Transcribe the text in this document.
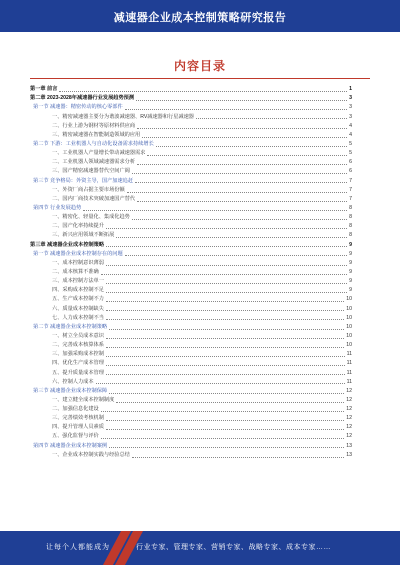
减速器企业成本控制策略研究报告
内容目录
第一章 前言	1
第二章 2023-2028年减速器行业发展趋势预测	3
第一节 减速器：精密传动的核心零部件	3
一、精密减速器主要分为谐波减速器、RV减速器和行星减速器	3
二、行业上游为钢材等原材料供应商	4
三、精密减速器在智能制造领域的应用	4
第二节 下游：工业机器人与自动化设备需求持续增长	5
一、工业机器人产量增长带动减速器需求	5
二、工业机器人领域减速器需求分析	6
三、国产精密减速器替代空间广阔	6
第三节 竞争格局：外资主导，国产加速追赶	7
一、外资厂商占据主要市场份额	7
二、国内厂商技术突破加速国产替代	7
第四节 行业发展趋势	8
一、精密化、轻量化、集成化趋势	8
二、国产化率持续提升	8
三、新兴应用领域不断拓展	8
第三章 减速器企业成本控制策略	9
第一节 减速器企业成本控制存在的问题	9
一、成本控制意识薄弱	9
二、成本核算不准确	9
三、成本控制方法单一	9
四、采购成本控制不足	9
五、生产成本控制不力	10
六、质量成本控制缺失	10
七、人力成本控制不当	10
第二节 减速器企业成本控制策略	10
一、树立全员成本意识	10
二、完善成本核算体系	10
三、加强采购成本控制	11
四、优化生产成本管理	11
五、提升质量成本管理	11
六、控制人力成本	11
第三节 减速器企业成本控制保障	12
一、建立健全成本控制制度	12
二、加强信息化建设	12
三、完善绩效考核机制	12
四、提升管理人员素质	12
五、强化监督与评价	12
第四节 减速器企业成本控制案例	13
一、企业成本控制实践与经验总结	13
让每个人都能成为	行业专家、管理专家、营销专家、战略专家、成本专家……
